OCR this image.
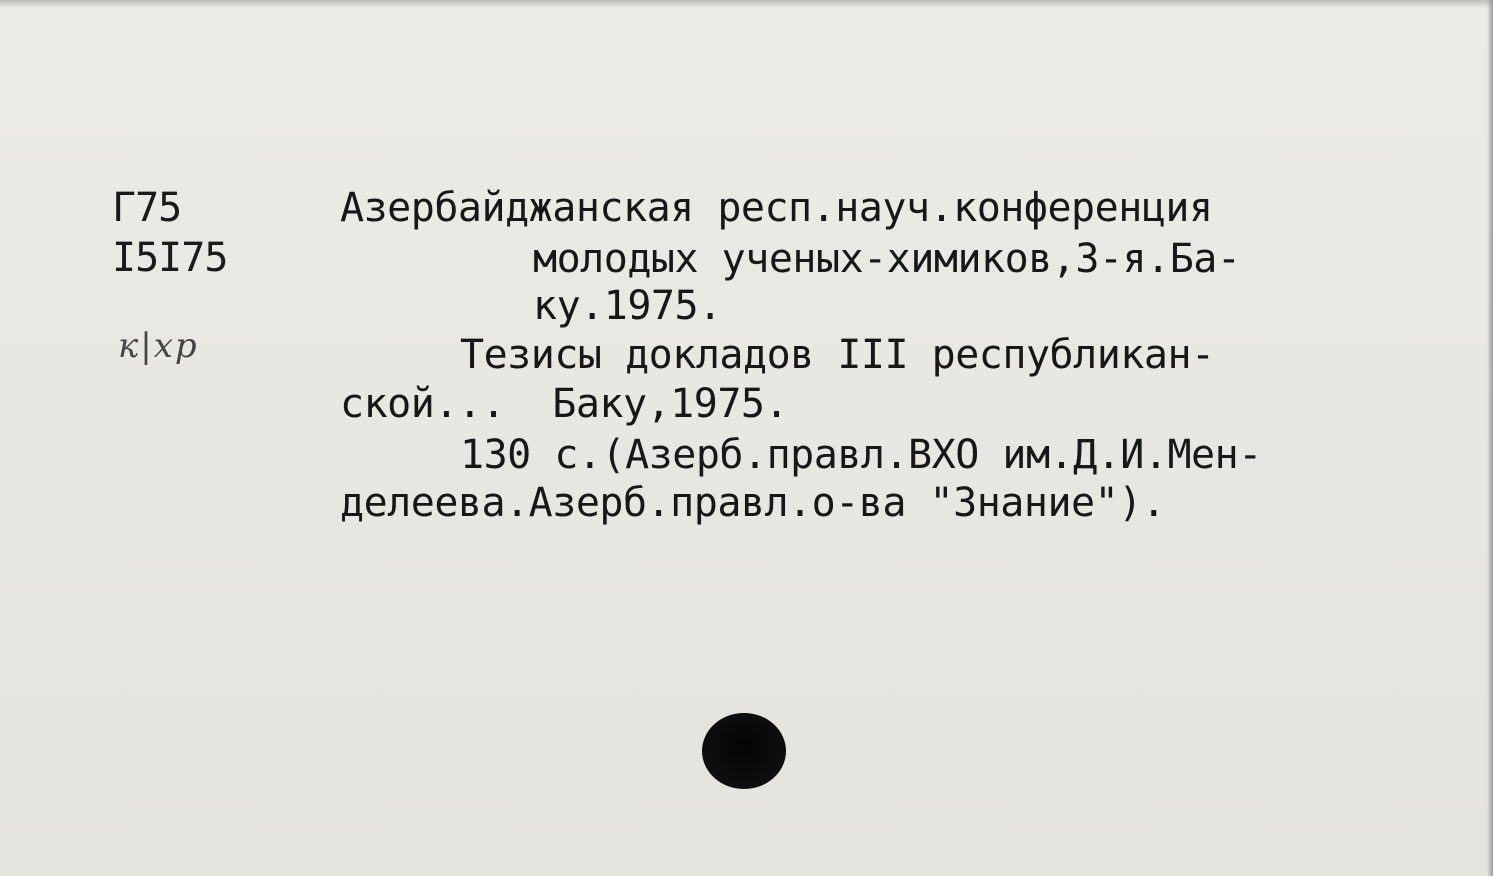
Г75
I5I75
к|хр
Азербайджанская респ.науч.конференция
молодых ученых-химиков,3-я.Ба-
ку.1975.
Тезисы докладов III республикан-
ской...  Баку,1975.
130 с.(Азерб.правл.ВХО им.Д.И.Мен-
делеева.Азерб.правл.о-ва "Знание").
